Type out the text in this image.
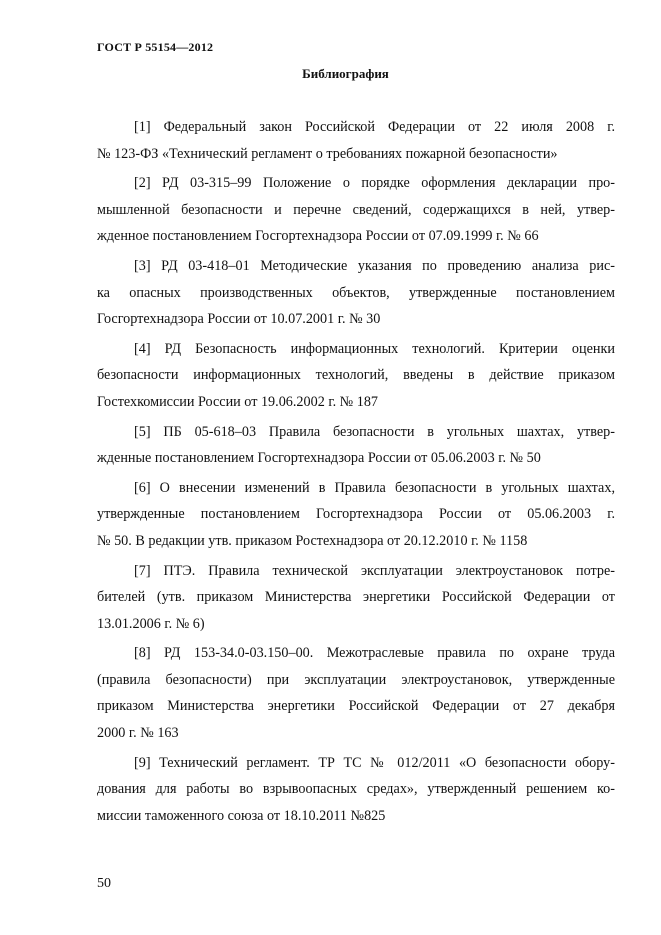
ГОСТ Р 55154—2012
Библиография
[1] Федеральный закон Российской Федерации от 22 июля 2008 г.
№ 123-ФЗ «Технический регламент о требованиях пожарной безопасности»
[2] РД 03-315–99 Положение о порядке оформления декларации про-
мышленной безопасности и перечне сведений, содержащихся в ней, утвер-
жденное постановлением Госгортехнадзора России от 07.09.1999 г. № 66
[3] РД 03-418–01 Методические указания по проведению анализа рис-
ка опасных производственных объектов, утвержденные постановлением
Госгортехнадзора России от 10.07.2001 г. № 30
[4] РД Безопасность информационных технологий. Критерии оценки
безопасности информационных технологий, введены в действие приказом
Гостехкомиссии России от 19.06.2002 г. № 187
[5] ПБ 05-618–03 Правила безопасности в угольных шахтах, утвер-
жденные постановлением Госгортехнадзора России от 05.06.2003 г. № 50
[6] О внесении изменений в Правила безопасности в угольных шахтах,
утвержденные постановлением Госгортехнадзора России от 05.06.2003 г.
№ 50. В редакции утв. приказом Ростехнадзора от 20.12.2010 г. № 1158
[7] ПТЭ. Правила технической эксплуатации электроустановок потре-
бителей (утв. приказом Министерства энергетики Российской Федерации от
13.01.2006 г. № 6)
[8] РД 153-34.0-03.150–00. Межотраслевые правила по охране труда
(правила безопасности) при эксплуатации электроустановок, утвержденные
приказом Министерства энергетики Российской Федерации от 27 декабря
2000 г. № 163
[9] Технический регламент. ТР ТС № 012/2011 «О безопасности обору-
дования для работы во взрывоопасных средах», утвержденный решением ко-
миссии таможенного союза от 18.10.2011 №825
50
